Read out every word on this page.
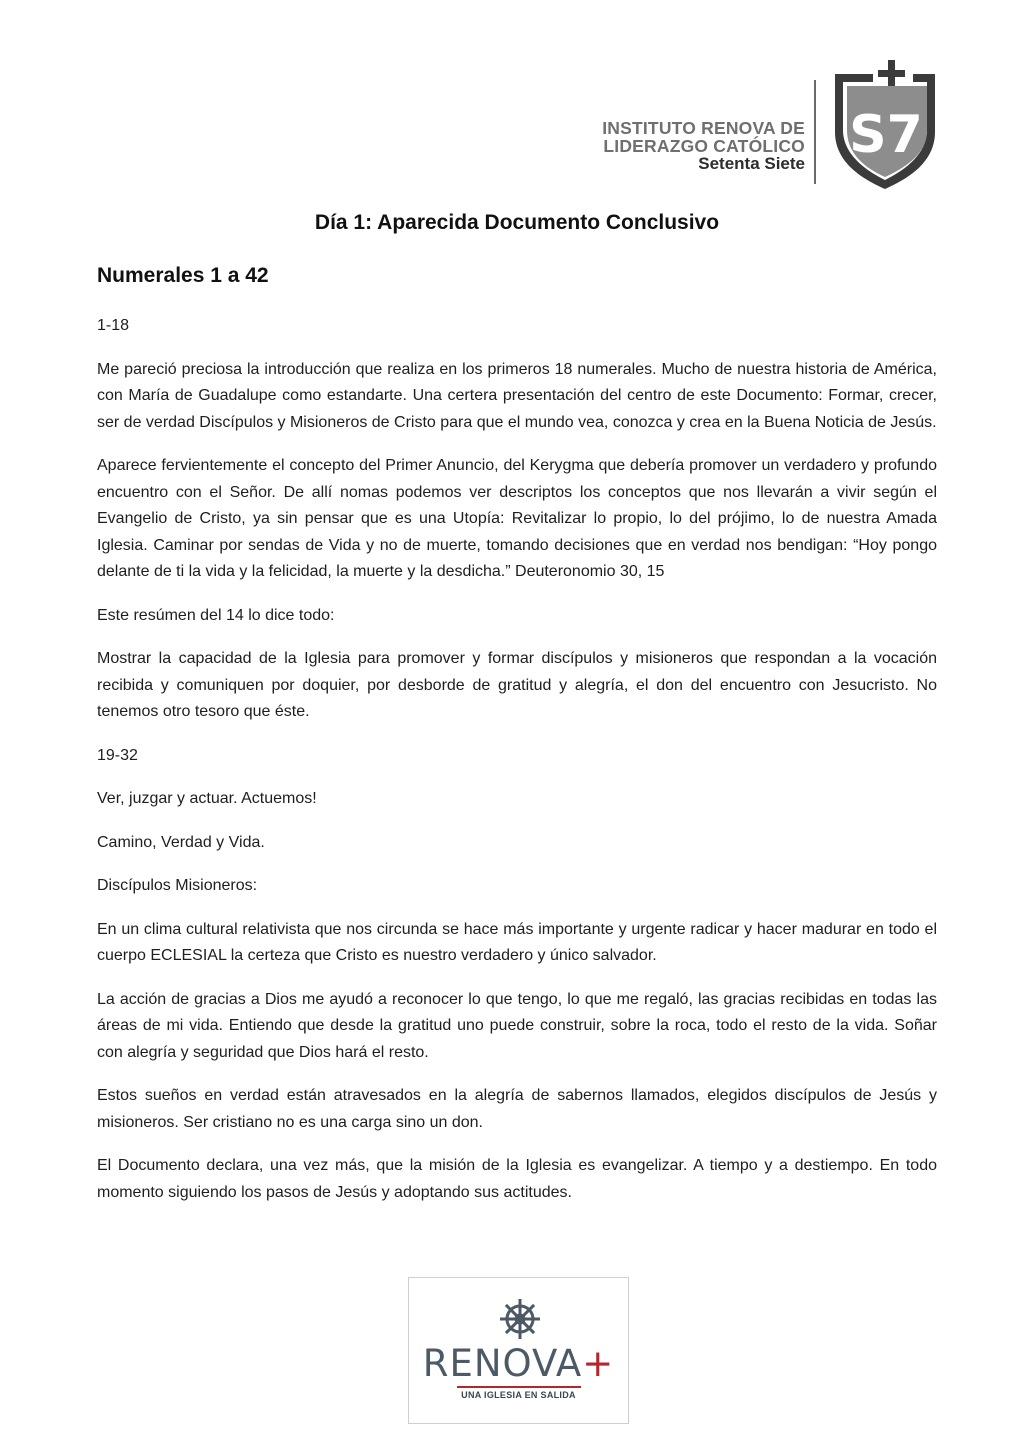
INSTITUTO RENOVA DE
LIDERAZGO CATÓLICO
Setenta Siete S7
Día 1: Aparecida Documento Conclusivo
Numerales 1 a 42

1-18

Me pareció preciosa la introducción que realiza en los primeros 18 numerales. Mucho de nuestra historia de América, con María de Guadalupe como estandarte. Una certera presentación del centro de este Documento: Formar, crecer, ser de verdad Discípulos y Misioneros de Cristo para que el mundo vea, conozca y crea en la Buena Noticia de Jesús.

Aparece fervientemente el concepto del Primer Anuncio, del Kerygma que debería promover un verdadero y profundo encuentro con el Señor. De allí nomas podemos ver descriptos los conceptos que nos llevarán a vivir según el Evangelio de Cristo, ya sin pensar que es una Utopía: Revitalizar lo propio, lo del prójimo, lo de nuestra Amada Iglesia. Caminar por sendas de Vida y no de muerte, tomando decisiones que en verdad nos bendigan: “Hoy pongo delante de ti la vida y la felicidad, la muerte y la desdicha.” Deuteronomio 30, 15

Este resúmen del 14 lo dice todo:

Mostrar la capacidad de la Iglesia para promover y formar discípulos y misioneros que respondan a la vocación recibida y comuniquen por doquier, por desborde de gratitud y alegría, el don del encuentro con Jesucristo. No tenemos otro tesoro que éste.

19-32

Ver, juzgar y actuar. Actuemos!

Camino, Verdad y Vida.

Discípulos Misioneros:

En un clima cultural relativista que nos circunda se hace más importante y urgente radicar y hacer madurar en todo el cuerpo ECLESIAL la certeza que Cristo es nuestro verdadero y único salvador.

La acción de gracias a Dios me ayudó a reconocer lo que tengo, lo que me regaló, las gracias recibidas en todas las áreas de mi vida. Entiendo que desde la gratitud uno puede construir, sobre la roca, todo el resto de la vida. Soñar con alegría y seguridad que Dios hará el resto.

Estos sueños en verdad están atravesados en la alegría de sabernos llamados, elegidos discípulos de Jesús y misioneros. Ser cristiano no es una carga sino un don.

El Documento declara, una vez más, que la misión de la Iglesia es evangelizar. A tiempo y a destiempo. En todo momento siguiendo los pasos de Jesús y adoptando sus actitudes.

RENOVA+
UNA IGLESIA EN SALIDA
